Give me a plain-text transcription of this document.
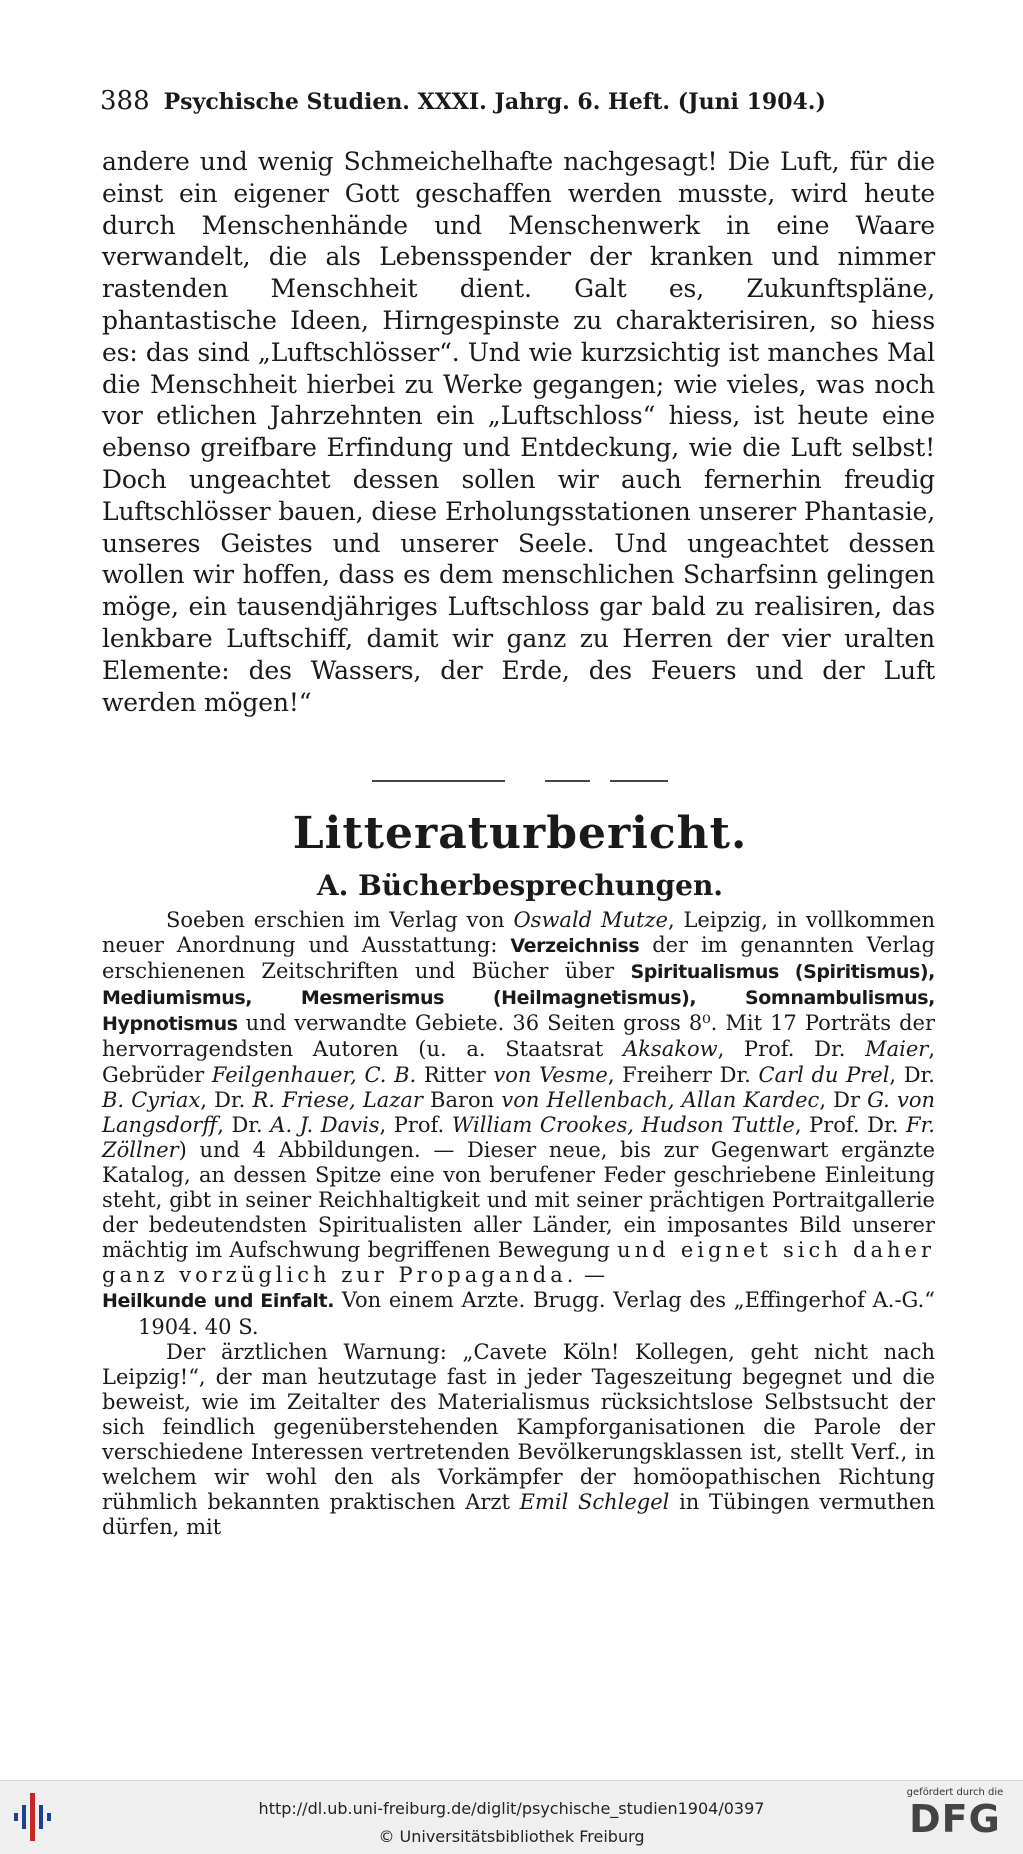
388 Psychische Studien. XXXI. Jahrg. 6. Heft. (Juni 1904.)

andere und wenig Schmeichelhafte nachgesagt! Die Luft, für die einst ein eigener Gott geschaffen werden musste, wird heute durch Menschenhände und Menschenwerk in eine Waare verwandelt, die als Lebensspender der kranken und nimmer rastenden Menschheit dient. Galt es, Zukunftspläne, phantastische Ideen, Hirngespinste zu charakterisiren, so hiess es: das sind „Luftschlösser“. Und wie kurzsichtig ist manches Mal die Menschheit hierbei zu Werke gegangen; wie vieles, was noch vor etlichen Jahrzehnten ein „Luftschloss“ hiess, ist heute eine ebenso greifbare Erfindung und Entdeckung, wie die Luft selbst! Doch ungeachtet dessen sollen wir auch fernerhin freudig Luftschlösser bauen, diese Erholungsstationen unserer Phantasie, unseres Geistes und unserer Seele. Und ungeachtet dessen wollen wir hoffen, dass es dem menschlichen Scharfsinn gelingen möge, ein tausendjähriges Luftschloss gar bald zu realisiren, das lenkbare Luftschiff, damit wir ganz zu Herren der vier uralten Elemente: des Wassers, der Erde, des Feuers und der Luft werden mögen!“

Litteraturbericht.
A. Bücherbesprechungen.

Soeben erschien im Verlag von Oswald Mutze, Leipzig, in vollkommen neuer Anordnung und Ausstattung: Verzeichniss der im genannten Verlag erschienenen Zeitschriften und Bücher über Spiritualismus (Spiritismus), Mediumismus, Mesmerismus (Heilmagnetismus), Somnambulismus, Hypnotismus und verwandte Gebiete. 36 Seiten gross 8⁰. Mit 17 Porträts der hervorragendsten Autoren (u. a. Staatsrat Aksakow, Prof. Dr. Maier, Gebrüder Feilgenhauer, C. B. Ritter von Vesme, Freiherr Dr. Carl du Prel, Dr. B. Cyriax, Dr. R. Friese, Lazar Baron von Hellenbach, Allan Kardec, Dr G. von Langsdorff, Dr. A. J. Davis, Prof. William Crookes, Hudson Tuttle, Prof. Dr. Fr. Zöllner) und 4 Abbildungen. — Dieser neue, bis zur Gegenwart ergänzte Katalog, an dessen Spitze eine von berufener Feder geschriebene Einleitung steht, gibt in seiner Reichhaltigkeit und mit seiner prächtigen Portraitgallerie der bedeutendsten Spiritualisten aller Länder, ein imposantes Bild unserer mächtig im Aufschwung begriffenen Bewegung und eignet sich daher ganz vorzüglich zur Propaganda. —

Heilkunde und Einfalt. Von einem Arzte. Brugg. Verlag des „Effingerhof A.-G.“ 1904. 40 S.

Der ärztlichen Warnung: „Cavete Köln! Kollegen, geht nicht nach Leipzig!“, der man heutzutage fast in jeder Tageszeitung begegnet und die beweist, wie im Zeitalter des Materialismus rücksichtslose Selbstsucht der sich feindlich gegenüberstehenden Kampforganisationen die Parole der verschiedene Interessen vertretenden Bevölkerungsklassen ist, stellt Verf., in welchem wir wohl den als Vorkämpfer der homöopathischen Richtung rühmlich bekannten praktischen Arzt Emil Schlegel in Tübingen vermuthen dürfen, mit

http://dl.ub.uni-freiburg.de/diglit/psychische_studien1904/0397
© Universitätsbibliothek Freiburg
gefördert durch die
DFG
